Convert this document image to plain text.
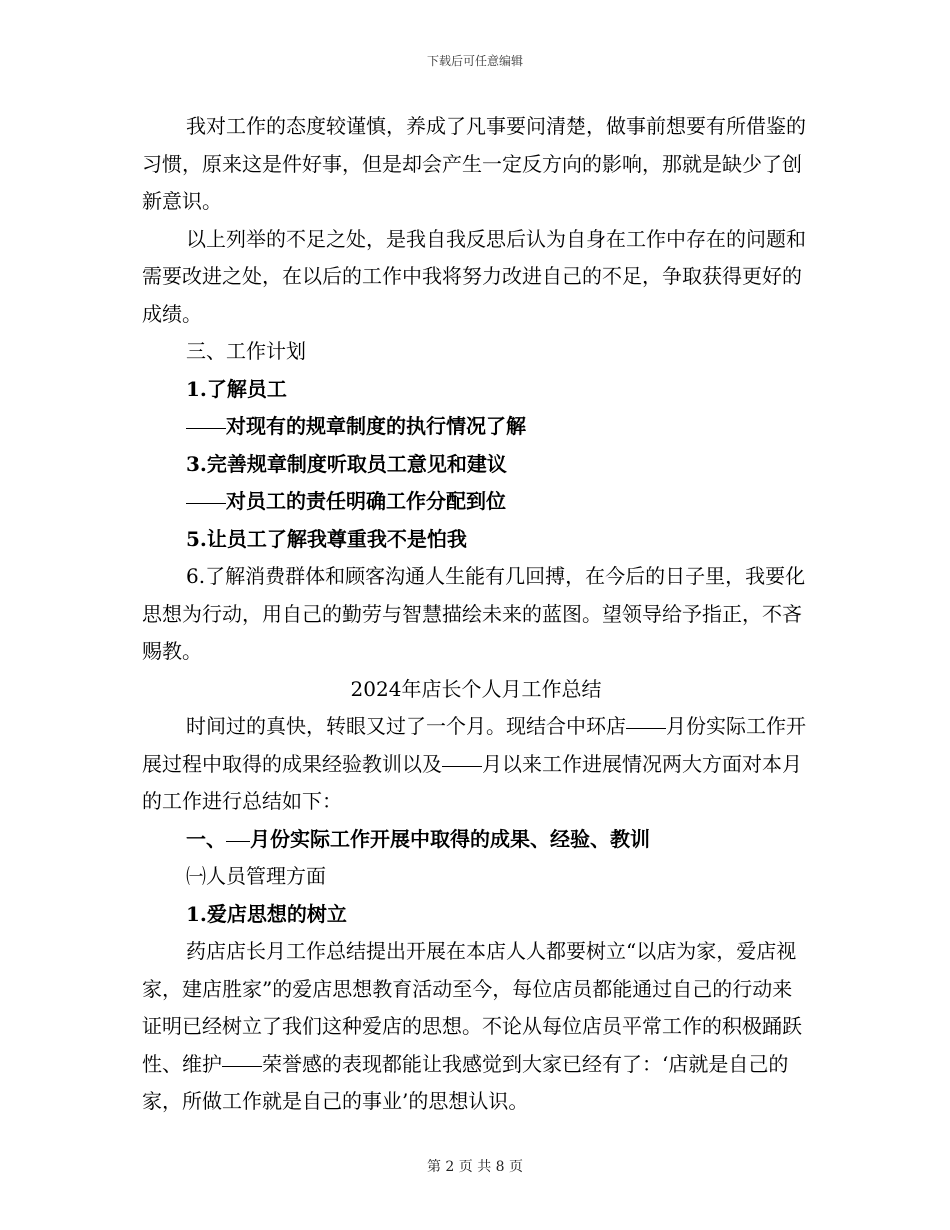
下载后可任意编辑

我对工作的态度较谨慎，养成了凡事要问清楚，做事前想要有所借鉴的习惯，原来这是件好事，但是却会产生一定反方向的影响，那就是缺少了创新意识。

以上列举的不足之处，是我自我反思后认为自身在工作中存在的问题和需要改进之处，在以后的工作中我将努力改进自己的不足，争取获得更好的成绩。

三、工作计划

1.了解员工

对现有的规章制度的执行情况了解

3.完善规章制度听取员工意见和建议

对员工的责任明确工作分配到位

5.让员工了解我尊重我不是怕我

6.了解消费群体和顾客沟通人生能有几回搏，在今后的日子里，我要化思想为行动，用自己的勤劳与智慧描绘未来的蓝图。望领导给予指正，不吝赐教。

2024年店长个人月工作总结

时间过的真快，转眼又过了一个月。现结合中环店 月份实际工作开展过程中取得的成果经验教训以及 月以来工作进展情况两大方面对本月的工作进行总结如下：

一、 月份实际工作开展中取得的成果、经验、教训

㈠人员管理方面

1.爱店思想的树立

药店店长月工作总结提出开展在本店人人都要树立“以店为家，爱店视家，建店胜家”的爱店思想教育活动至今，每位店员都能通过自己的行动来证明已经树立了我们这种爱店的思想。不论从每位店员平常工作的积极踊跃性、维护 荣誉感的表现都能让我感觉到大家已经有了：‘店就是自己的家，所做工作就是自己的事业’的思想认识。

第 2 页 共 8 页
